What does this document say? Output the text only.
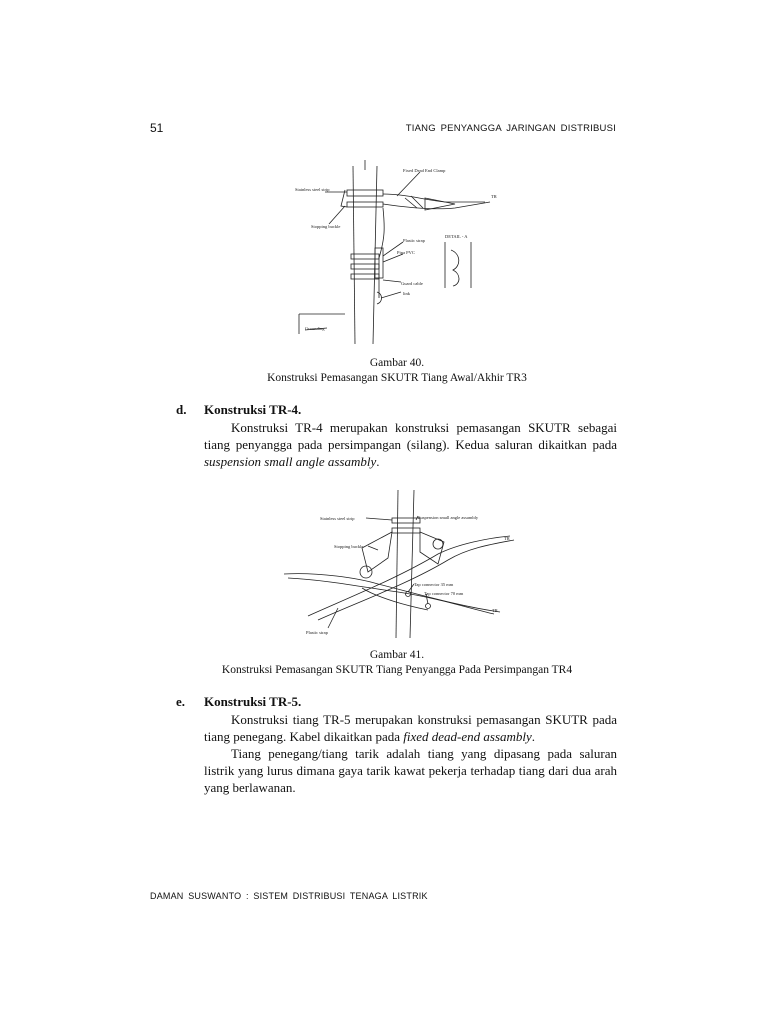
51	TIANG PENYANGGA JARINGAN DISTRIBUSI
Fixed Dead End Clamp
Stainless steel strip
Stopping buckle
Plastic strap
Pipa PVC
DETAIL - A
Guard cable
link
Grounding
TR
Gambar 40.
Konstruksi Pemasangan SKUTR Tiang Awal/Akhir TR3
d. Konstruksi TR-4.

Konstruksi TR-4 merupakan konstruksi pemasangan SKUTR sebagai tiang penyangga pada persimpangan (silang). Kedua saluran dikaitkan pada suspension small angle assambly.

Stainless steel strip	Suspension small angle assambly
Stopping buckle
Tap connector 35 mm
Tap connector 70 mm
Plastic strap
TR
TR
Gambar 41.
Konstruksi Pemasangan SKUTR Tiang Penyangga Pada Persimpangan TR4
e. Konstruksi TR-5.

Konstruksi tiang TR-5 merupakan konstruksi pemasangan SKUTR pada tiang penegang. Kabel dikaitkan pada fixed dead-end assambly.

Tiang penegang/tiang tarik adalah tiang yang dipasang pada saluran listrik yang lurus dimana gaya tarik kawat pekerja terhadap tiang dari dua arah yang berlawanan.

DAMAN SUSWANTO : SISTEM DISTRIBUSI TENAGA LISTRIK
